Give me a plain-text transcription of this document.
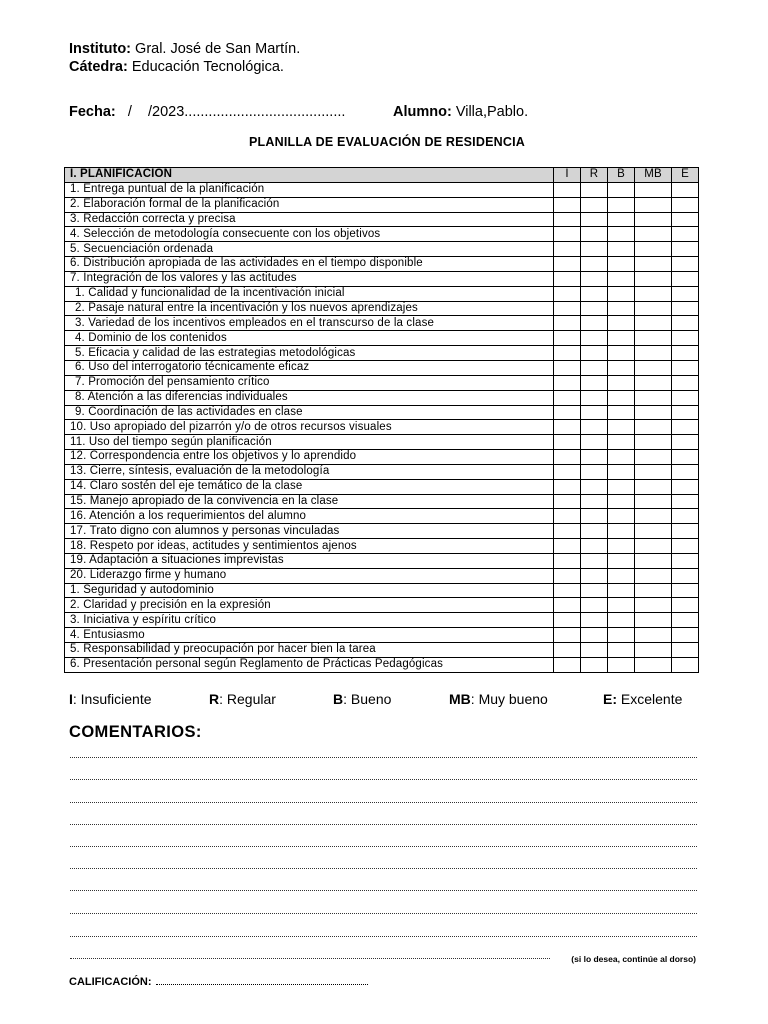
Instituto: Gral. José de San Martín.
Cátedra: Educación Tecnológica.
Fecha:   /    /2023........................................	Alumno: Villa,Pablo.
PLANILLA DE EVALUACIÓN DE RESIDENCIA
I. PLANIFICACIÓN	I	R	B	MB	E
1. Entrega puntual de la planificación					
2. Elaboración formal de la planificación					
3. Redacción correcta y precisa					
4. Selección de metodología consecuente con los objetivos					
5. Secuenciación ordenada					
6. Distribución apropiada de las actividades en el tiempo disponible					
7. Integración de los valores y las actitudes					
1. Calidad y funcionalidad de la incentivación inicial					
2. Pasaje natural entre la incentivación y los nuevos aprendizajes					
3. Variedad de los incentivos empleados en el transcurso de la clase					
4. Dominio de los contenidos					
5. Eficacia y calidad de las estrategias metodológicas					
6. Uso del interrogatorio técnicamente eficaz					
7. Promoción del pensamiento crítico					
8. Atención a las diferencias individuales					
9. Coordinación de las actividades en clase					
10. Uso apropiado del pizarrón y/o de otros recursos visuales					
11. Uso del tiempo según planificación					
12. Correspondencia entre los objetivos y lo aprendido					
13. Cierre, síntesis, evaluación de la metodología					
14. Claro sostén del eje temático de la clase					
15. Manejo apropiado de la convivencia en la clase					
16. Atención a los requerimientos del alumno					
17. Trato digno con alumnos y personas vinculadas					
18. Respeto por ideas, actitudes y sentimientos ajenos					
19. Adaptación a situaciones imprevistas					
20. Liderazgo firme y humano					
1. Seguridad y autodominio					
2. Claridad y precisión en la expresión					
3. Iniciativa y espíritu crítico					
4. Entusiasmo					
5. Responsabilidad y preocupación por hacer bien la tarea					
6. Presentación personal según Reglamento de Prácticas Pedagógicas					
I: Insuficiente	R: Regular	B: Bueno	MB: Muy bueno	E: Excelente
COMENTARIOS:
(si lo desea, continúe al dorso)
CALIFICACIÓN:
